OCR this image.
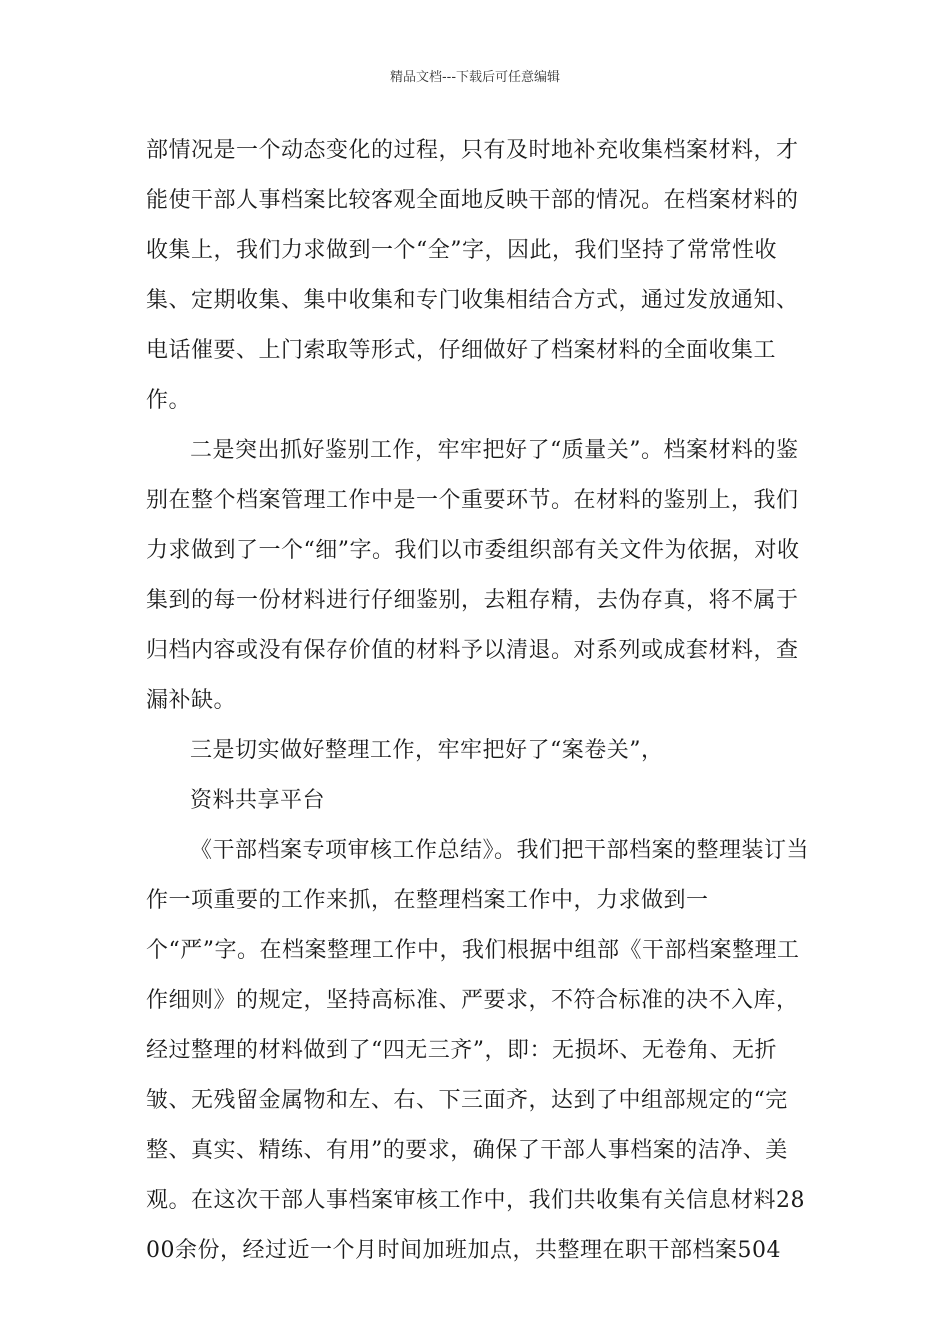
精品文档---下载后可任意编辑

部情况是一个动态变化的过程，只有及时地补充收集档案材料，才能使干部人事档案比较客观全面地反映干部的情况。在档案材料的收集上，我们力求做到一个“全”字，因此，我们坚持了常常性收集、定期收集、集中收集和专门收集相结合方式，通过发放通知、电话催要、上门索取等形式，仔细做好了档案材料的全面收集工作。

二是突出抓好鉴别工作，牢牢把好了“质量关”。档案材料的鉴别在整个档案管理工作中是一个重要环节。在材料的鉴别上，我们力求做到了一个“细”字。我们以市委组织部有关文件为依据，对收集到的每一份材料进行仔细鉴别，去粗存精，去伪存真，将不属于归档内容或没有保存价值的材料予以清退。对系列或成套材料，查漏补缺。

三是切实做好整理工作，牢牢把好了“案卷关”，

资料共享平台

《干部档案专项审核工作总结》。我们把干部档案的整理装订当作一项重要的工作来抓，在整理档案工作中，力求做到一个“严”字。在档案整理工作中，我们根据中组部《干部档案整理工作细则》的规定，坚持高标准、严要求，不符合标准的决不入库，经过整理的材料做到了“四无三齐”，即：无损坏、无卷角、无折皱、无残留金属物和左、右、下三面齐，达到了中组部规定的“完整、真实、精练、有用”的要求，确保了干部人事档案的洁净、美观。在这次干部人事档案审核工作中，我们共收集有关信息材料2800余份，经过近一个月时间加班加点，共整理在职干部档案504
